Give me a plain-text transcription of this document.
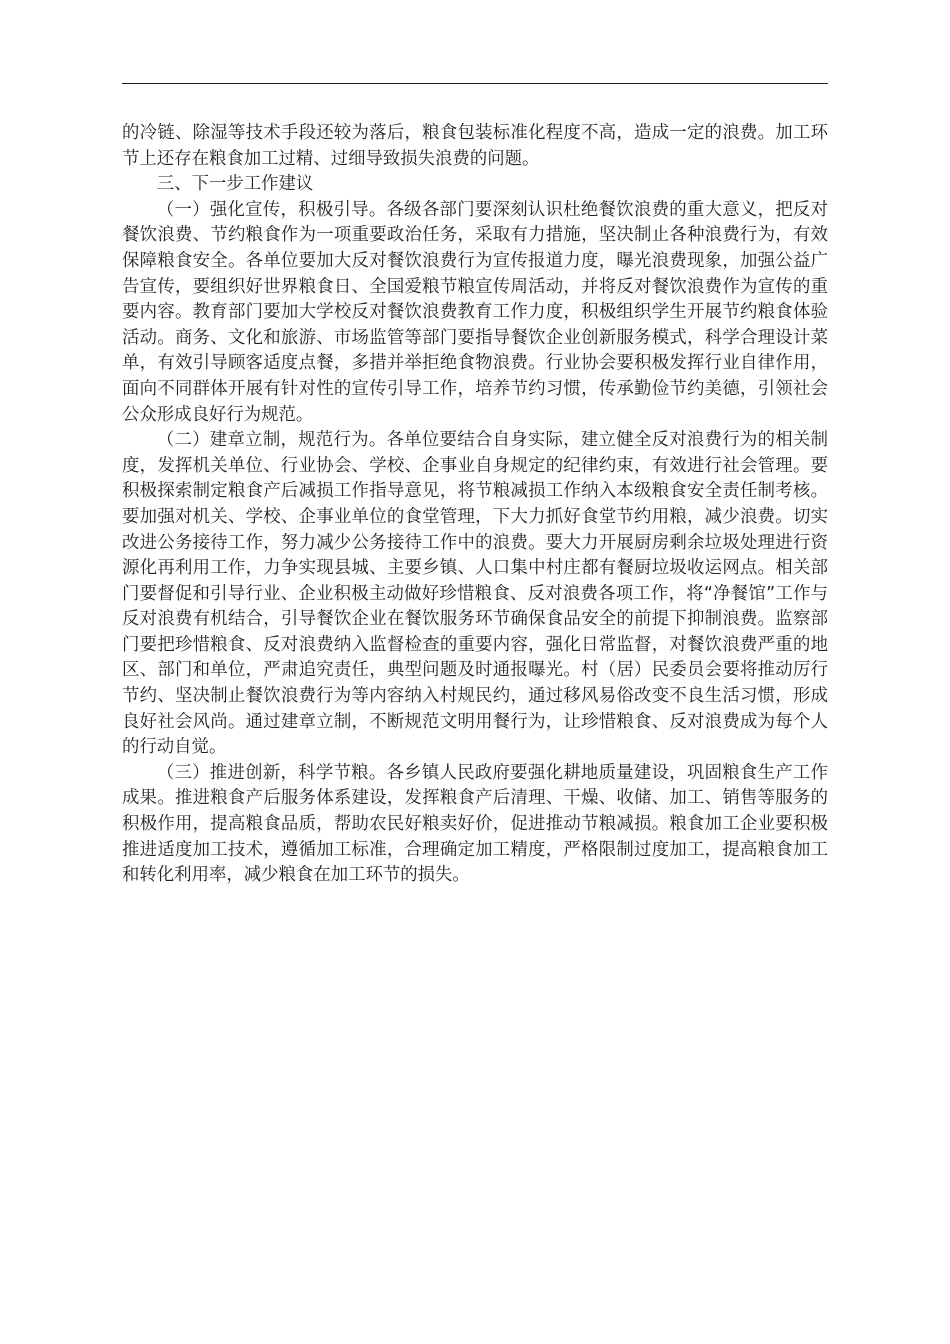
的冷链、除湿等技术手段还较为落后，粮食包装标准化程度不高，造成一定的浪费。加工环节上还存在粮食加工过精、过细导致损失浪费的问题。

三、下一步工作建议

（一）强化宣传，积极引导。各级各部门要深刻认识杜绝餐饮浪费的重大意义，把反对餐饮浪费、节约粮食作为一项重要政治任务，采取有力措施，坚决制止各种浪费行为，有效保障粮食安全。各单位要加大反对餐饮浪费行为宣传报道力度，曝光浪费现象，加强公益广告宣传，要组织好世界粮食日、全国爱粮节粮宣传周活动，并将反对餐饮浪费作为宣传的重要内容。教育部门要加大学校反对餐饮浪费教育工作力度，积极组织学生开展节约粮食体验活动。商务、文化和旅游、市场监管等部门要指导餐饮企业创新服务模式，科学合理设计菜单，有效引导顾客适度点餐，多措并举拒绝食物浪费。行业协会要积极发挥行业自律作用，面向不同群体开展有针对性的宣传引导工作，培养节约习惯，传承勤俭节约美德，引领社会公众形成良好行为规范。

（二）建章立制，规范行为。各单位要结合自身实际，建立健全反对浪费行为的相关制度，发挥机关单位、行业协会、学校、企事业自身规定的纪律约束，有效进行社会管理。要积极探索制定粮食产后减损工作指导意见，将节粮减损工作纳入本级粮食安全责任制考核。要加强对机关、学校、企事业单位的食堂管理，下大力抓好食堂节约用粮，减少浪费。切实改进公务接待工作，努力减少公务接待工作中的浪费。要大力开展厨房剩余垃圾处理进行资源化再利用工作，力争实现县城、主要乡镇、人口集中村庄都有餐厨垃圾收运网点。相关部门要督促和引导行业、企业积极主动做好珍惜粮食、反对浪费各项工作，将“净餐馆”工作与反对浪费有机结合，引导餐饮企业在餐饮服务环节确保食品安全的前提下抑制浪费。监察部门要把珍惜粮食、反对浪费纳入监督检查的重要内容，强化日常监督，对餐饮浪费严重的地区、部门和单位，严肃追究责任，典型问题及时通报曝光。村（居）民委员会要将推动厉行节约、坚决制止餐饮浪费行为等内容纳入村规民约，通过移风易俗改变不良生活习惯，形成良好社会风尚。通过建章立制，不断规范文明用餐行为，让珍惜粮食、反对浪费成为每个人的行动自觉。

（三）推进创新，科学节粮。各乡镇人民政府要强化耕地质量建设，巩固粮食生产工作成果。推进粮食产后服务体系建设，发挥粮食产后清理、干燥、收储、加工、销售等服务的积极作用，提高粮食品质，帮助农民好粮卖好价，促进推动节粮减损。粮食加工企业要积极推进适度加工技术，遵循加工标准，合理确定加工精度，严格限制过度加工，提高粮食加工和转化利用率，减少粮食在加工环节的损失。
